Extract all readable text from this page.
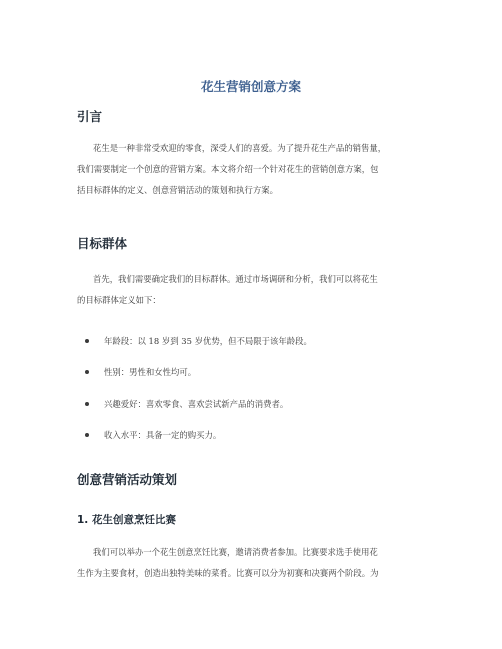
花生营销创意方案
引言

花生是一种非常受欢迎的零食，深受人们的喜爱。为了提升花生产品的销售量，
我们需要制定一个创意的营销方案。本文将介绍一个针对花生的营销创意方案，包
括目标群体的定义、创意营销活动的策划和执行方案。

目标群体

首先，我们需要确定我们的目标群体。通过市场调研和分析，我们可以将花生
的目标群体定义如下：

年龄段：以 18 岁到 35 岁优势，但不局限于该年龄段。
性别：男性和女性均可。
兴趣爱好：喜欢零食、喜欢尝试新产品的消费者。
收入水平：具备一定的购买力。
创意营销活动策划
1. 花生创意烹饪比赛

我们可以举办一个花生创意烹饪比赛，邀请消费者参加。比赛要求选手使用花
生作为主要食材，创造出独特美味的菜肴。比赛可以分为初赛和决赛两个阶段。为
